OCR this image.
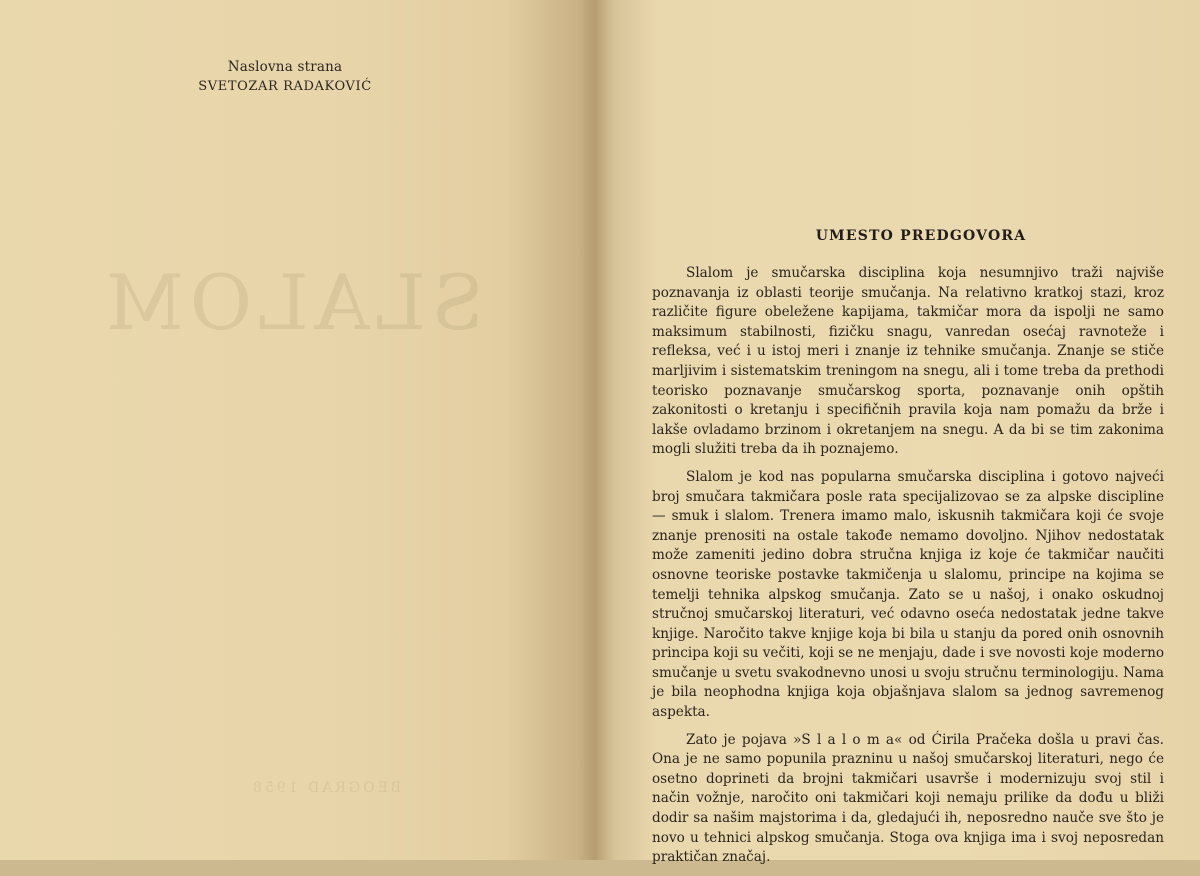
Naslovna strana
SVETOZAR RADAKOVIĆ
SLALOM
BEOGRAD 1958
UMESTO PREDGOVORA

Slalom je smučarska disciplina koja nesumnjivo traži najviše poznavanja iz oblasti teorije smučanja. Na relativno kratkoj stazi, kroz različite figure obeležene kapijama, takmičar mora da ispolji ne samo maksimum stabilnosti, fizičku snagu, vanredan osećaj ravnoteže i refleksa, već i u istoj meri i znanje iz tehnike smučanja. Znanje se stiče marljivim i sistematskim treningom na snegu, ali i tome treba da prethodi teorisko poznavanje smučarskog sporta, poznavanje onih opštih zakonitosti o kretanju i specifičnih pravila koja nam pomažu da brže i lakše ovladamo brzinom i okretanjem na snegu. A da bi se tim zakonima mogli služiti treba da ih poznajemo.

Slalom je kod nas popularna smučarska disciplina i gotovo najveći broj smučara takmičara posle rata specijalizovao se za alpske discipline — smuk i slalom. Trenera imamo malo, iskusnih takmičara koji će svoje znanje prenositi na ostale takođe nemamo dovoljno. Njihov nedostatak može zameniti jedino dobra stručna knjiga iz koje će takmičar naučiti osnovne teoriske postavke takmičenja u slalomu, principe na kojima se temelji tehnika alpskog smučanja. Zato se u našoj, i onako oskudnoj stručnoj smučarskoj literaturi, već odavno oseća nedostatak jedne takve knjige. Naročito takve knjige koja bi bila u stanju da pored onih osnovnih principa koji su večiti, koji se ne menjaju, dade i sve novosti koje moderno smučanje u svetu svakodnevno unosi u svoju stručnu terminologiju. Nama je bila neophodna knjiga koja objašnjava slalom sa jednog savremenog aspekta.

Zato je pojava »S l a l o m a« od Ćirila Pračeka došla u pravi čas. Ona je ne samo popunila prazninu u našoj smučarskoj literaturi, nego će osetno doprineti da brojni takmičari usavrše i modernizuju svoj stil i način vožnje, naročito oni takmičari koji nemaju prilike da dođu u bliži dodir sa našim majstorima i da, gledajući ih, neposredno nauče sve što je novo u tehnici alpskog smučanja. Stoga ova knjiga ima i svoj neposredan praktičan značaj.
